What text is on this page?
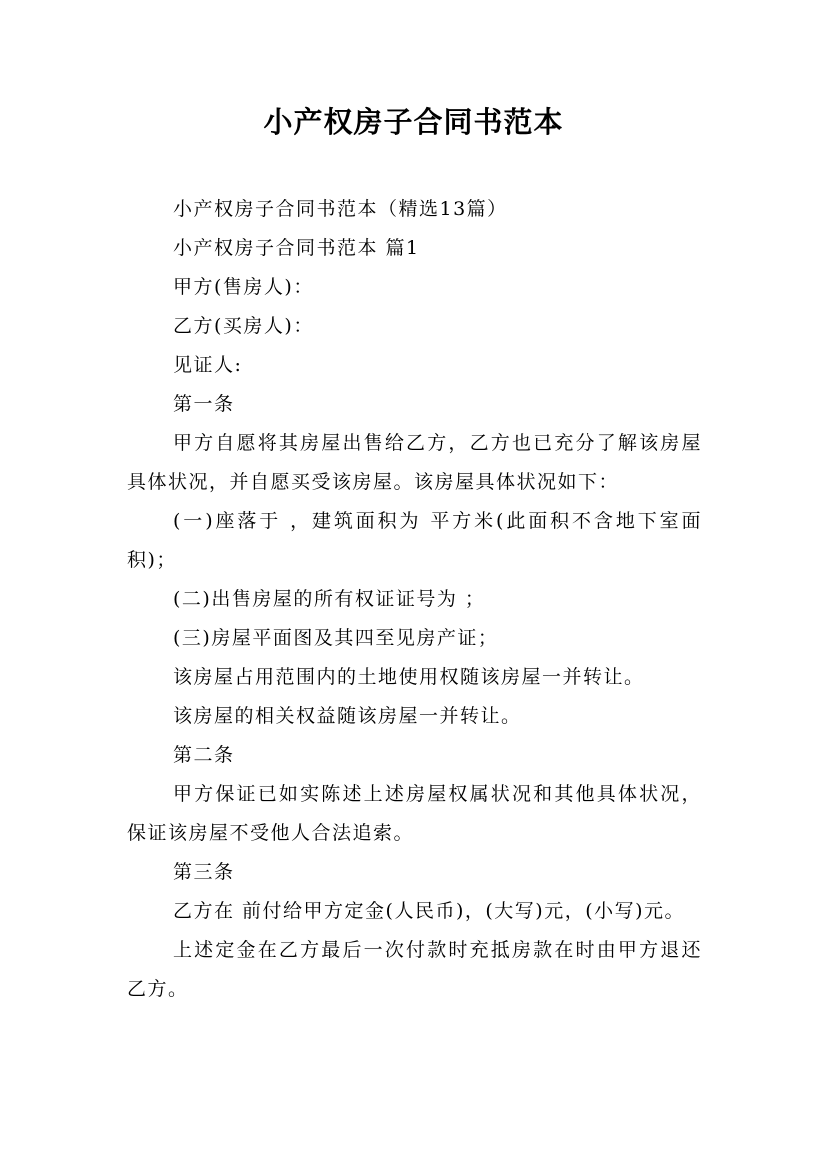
小产权房子合同书范本

小产权房子合同书范本（精选13篇）

小产权房子合同书范本 篇1

甲方(售房人)：

乙方(买房人)：

见证人:

第一条

甲方自愿将其房屋出售给乙方，乙方也已充分了解该房屋具体状况，并自愿买受该房屋。该房屋具体状况如下：

(一)座落于 ，建筑面积为 平方米(此面积不含地下室面积)；

(二)出售房屋的所有权证证号为 ；

(三)房屋平面图及其四至见房产证；

该房屋占用范围内的土地使用权随该房屋一并转让。

该房屋的相关权益随该房屋一并转让。

第二条

甲方保证已如实陈述上述房屋权属状况和其他具体状况，保证该房屋不受他人合法追索。

第三条

乙方在 前付给甲方定金(人民币)，(大写)元，(小写)元。

上述定金在乙方最后一次付款时充抵房款在时由甲方退还乙方。
